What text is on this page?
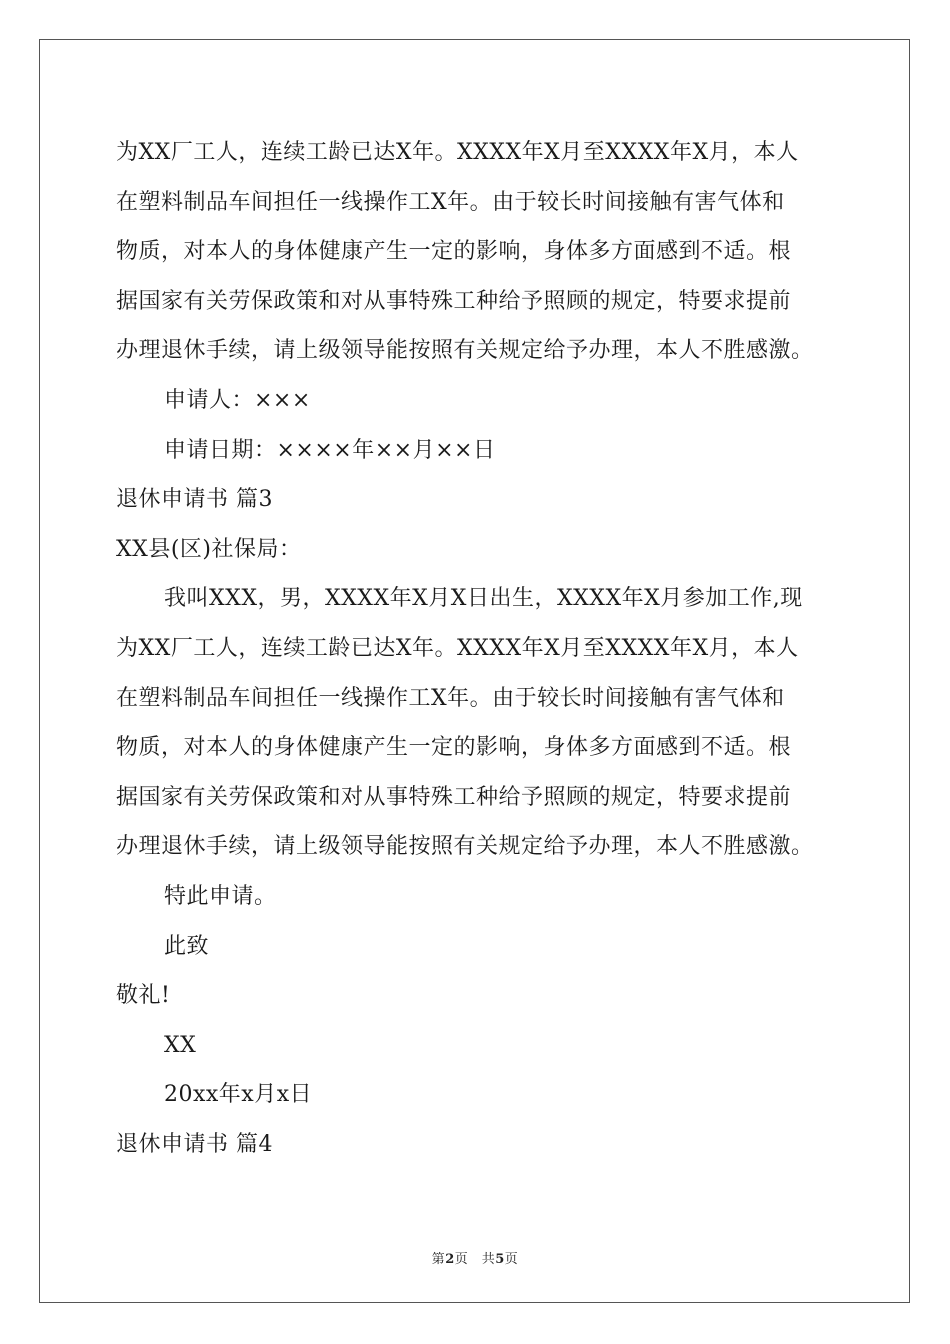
为XX厂工人，连续工龄已达X年。XXXX年X月至XXXX年X月，本人
在塑料制品车间担任一线操作工X年。由于较长时间接触有害气体和
物质，对本人的身体健康产生一定的影响，身体多方面感到不适。根
据国家有关劳保政策和对从事特殊工种给予照顾的规定，特要求提前
办理退休手续，请上级领导能按照有关规定给予办理，本人不胜感激。
申请人：×××
申请日期：××××年××月××日
退休申请书 篇3
XX县(区)社保局：
我叫XXX，男，XXXX年X月X日出生，XXXX年X月参加工作,现
为XX厂工人，连续工龄已达X年。XXXX年X月至XXXX年X月，本人
在塑料制品车间担任一线操作工X年。由于较长时间接触有害气体和
物质，对本人的身体健康产生一定的影响，身体多方面感到不适。根
据国家有关劳保政策和对从事特殊工种给予照顾的规定，特要求提前
办理退休手续，请上级领导能按照有关规定给予办理，本人不胜感激。
特此申请。
此致
敬礼!
XX
20xx年x月x日
退休申请书 篇4
第2页　共5页
